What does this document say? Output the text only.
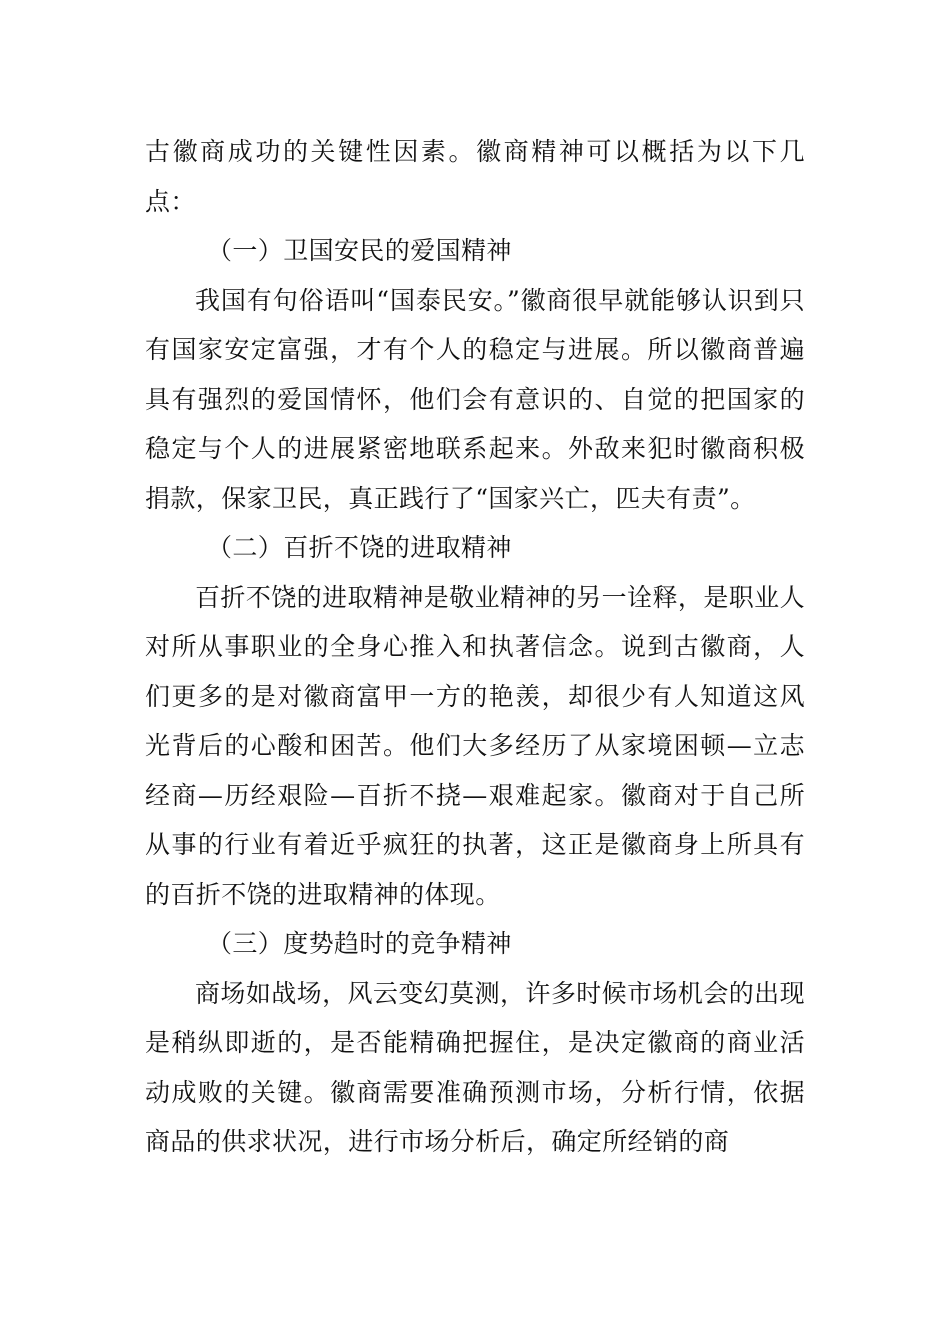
古徽商成功的关键性因素。徽商精神可以概括为以下几点：

（一）卫国安民的爱国精神

我国有句俗语叫“国泰民安。”徽商很早就能够认识到只有国家安定富强，才有个人的稳定与进展。所以徽商普遍具有强烈的爱国情怀，他们会有意识的、自觉的把国家的稳定与个人的进展紧密地联系起来。外敌来犯时徽商积极捐款，保家卫民，真正践行了“国家兴亡，匹夫有责”。

（二）百折不饶的进取精神

百折不饶的进取精神是敬业精神的另一诠释，是职业人对所从事职业的全身心推入和执著信念。说到古徽商，人们更多的是对徽商富甲一方的艳羡，却很少有人知道这风光背后的心酸和困苦。他们大多经历了从家境困顿—立志经商—历经艰险—百折不挠—艰难起家。徽商对于自己所从事的行业有着近乎疯狂的执著，这正是徽商身上所具有的百折不饶的进取精神的体现。

（三）度势趋时的竞争精神

商场如战场，风云变幻莫测，许多时候市场机会的出现是稍纵即逝的，是否能精确把握住，是决定徽商的商业活动成败的关键。徽商需要准确预测市场，分析行情，依据商品的供求状况，进行市场分析后，确定所经销的商
